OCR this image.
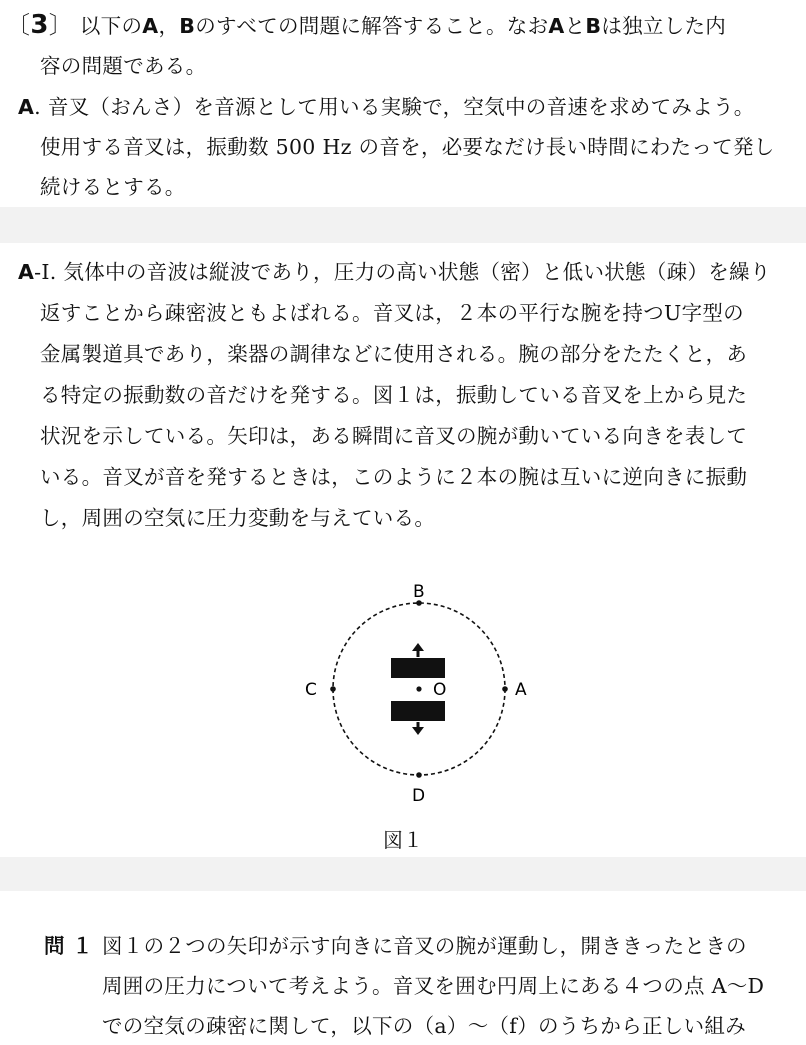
〔3〕 以下のA，Bのすべての問題に解答すること。なおAとBは独立した内
容の問題である。
A. 音叉（おんさ）を音源として用いる実験で，空気中の音速を求めてみよう。
使用する音叉は，振動数 500 Hz の音を，必要なだけ長い時間にわたって発し
続けるとする。
A-I. 気体中の音波は縦波であり，圧力の高い状態（密）と低い状態（疎）を繰り
返すことから疎密波ともよばれる。音叉は，２本の平行な腕を持つU字型の
金属製道具であり，楽器の調律などに使用される。腕の部分をたたくと，あ
る特定の振動数の音だけを発する。図１は，振動している音叉を上から見た
状況を示している。矢印は，ある瞬間に音叉の腕が動いている向きを表して
いる。音叉が音を発するときは，このように２本の腕は互いに逆向きに振動
し，周囲の空気に圧力変動を与えている。
B
D
C	A
O
図１
問 １ 図１の２つの矢印が示す向きに音叉の腕が運動し，開ききったときの
周囲の圧力について考えよう。音叉を囲む円周上にある４つの点 A〜D
での空気の疎密に関して，以下の（a）〜（f）のうちから正しい組み
